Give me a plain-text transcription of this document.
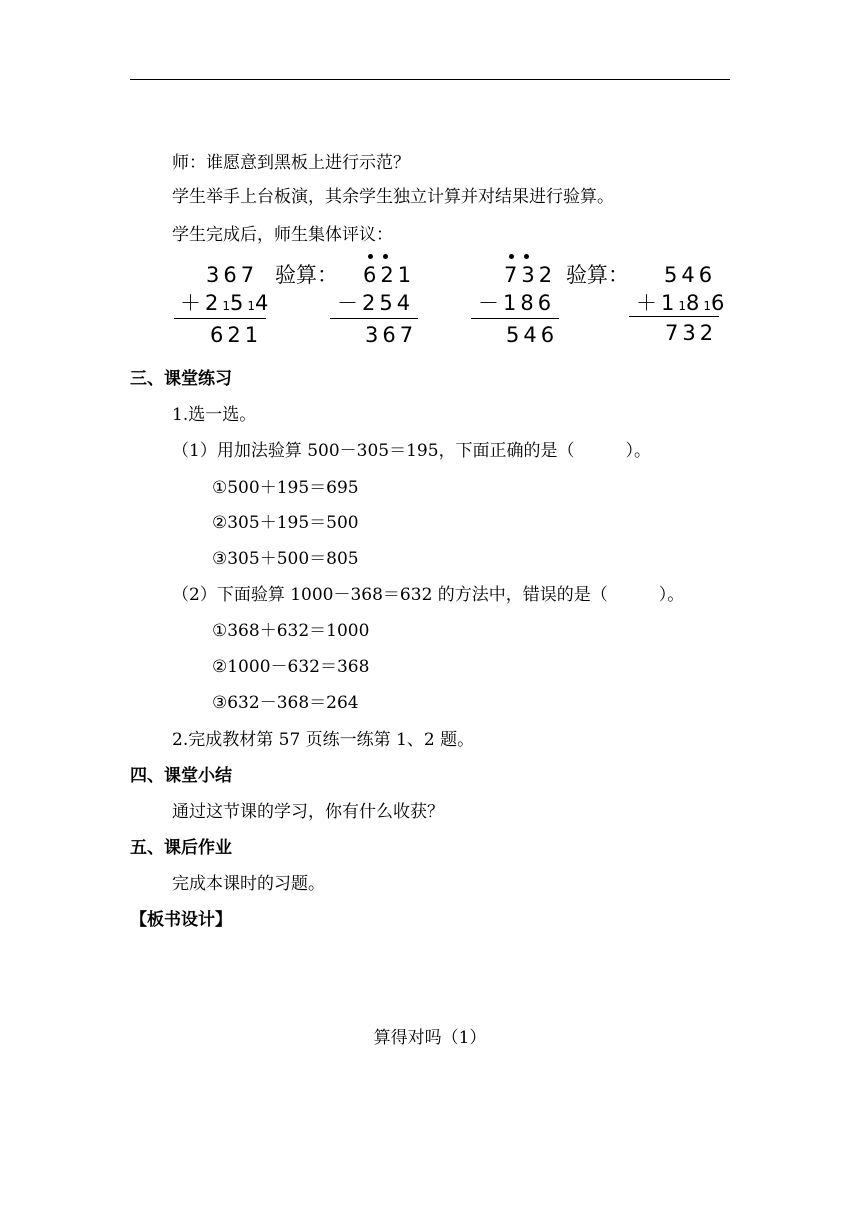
师：谁愿意到黑板上进行示范？
学生举手上台板演，其余学生独立计算并对结果进行验算。
学生完成后，师生集体评议：
367
＋21514
621
验算： 621
－254
367
732
－186
546
验算： 546
＋11816
732
三、课堂练习
1.选一选。
（1）用加法验算 500－305＝195，下面正确的是（　　　）。
①500＋195＝695
②305＋195＝500
③305＋500＝805
（2）下面验算 1000－368＝632 的方法中，错误的是（　　　）。
①368＋632＝1000
②1000－632＝368
③632－368＝264
2.完成教材第 57 页练一练第 1、2 题。
四、课堂小结
通过这节课的学习，你有什么收获？
五、课后作业
完成本课时的习题。
【板书设计】
算得对吗（1）
